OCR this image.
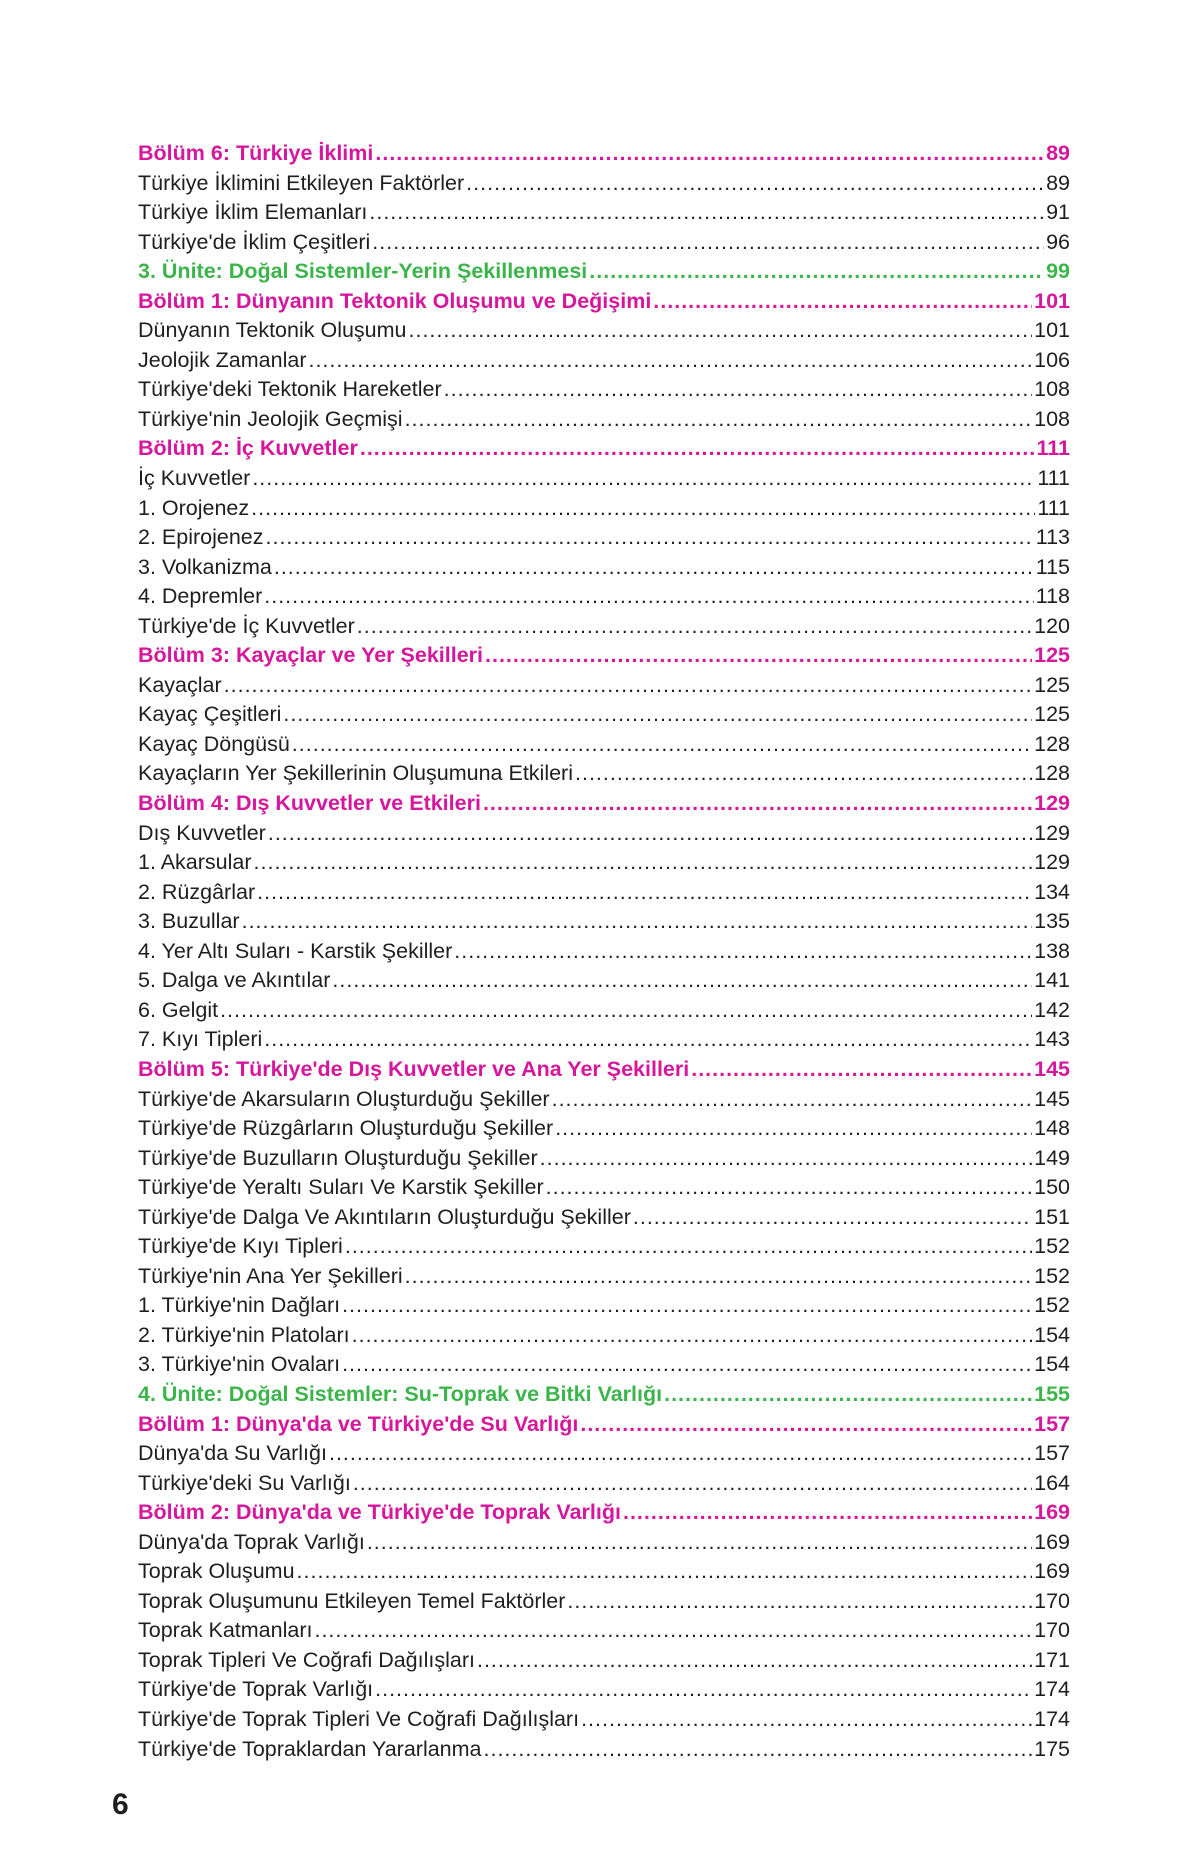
Bölüm 6: Türkiye İklimi .....	89
Türkiye İklimini Etkileyen Faktörler .....	89
Türkiye İklim Elemanları .....	91
Türkiye'de İklim Çeşitleri .....	96
3. Ünite: Doğal Sistemler-Yerin Şekillenmesi .....	99
Bölüm 1: Dünyanın Tektonik Oluşumu ve Değişimi .....	101
Dünyanın Tektonik Oluşumu .....	101
Jeolojik Zamanlar .....	106
Türkiye'deki Tektonik Hareketler .....	108
Türkiye'nin Jeolojik Geçmişi .....	108
Bölüm 2: İç Kuvvetler .....	111
İç Kuvvetler .....	111
1. Orojenez .....	111
2. Epirojenez .....	113
3. Volkanizma .....	115
4. Depremler .....	118
Türkiye'de İç Kuvvetler .....	120
Bölüm 3: Kayaçlar ve Yer Şekilleri .....	125
Kayaçlar .....	125
Kayaç Çeşitleri .....	125
Kayaç Döngüsü .....	128
Kayaçların Yer Şekillerinin Oluşumuna Etkileri .....	128
Bölüm 4: Dış Kuvvetler ve Etkileri .....	129
Dış Kuvvetler .....	129
1. Akarsular .....	129
2. Rüzgârlar .....	134
3. Buzullar .....	135
4. Yer Altı Suları - Karstik Şekiller .....	138
5. Dalga ve Akıntılar .....	141
6. Gelgit .....	142
7. Kıyı Tipleri .....	143
Bölüm 5: Türkiye'de Dış Kuvvetler ve Ana Yer Şekilleri .....	145
Türkiye'de Akarsuların Oluşturduğu Şekiller .....	145
Türkiye'de Rüzgârların Oluşturduğu Şekiller .....	148
Türkiye'de Buzulların Oluşturduğu Şekiller .....	149
Türkiye'de Yeraltı Suları Ve Karstik Şekiller .....	150
Türkiye'de Dalga Ve Akıntıların Oluşturduğu Şekiller .....	151
Türkiye'de Kıyı Tipleri .....	152
Türkiye'nin Ana Yer Şekilleri .....	152
1. Türkiye'nin Dağları .....	152
2. Türkiye'nin Platoları .....	154
3. Türkiye'nin Ovaları .....	154
4. Ünite: Doğal Sistemler: Su-Toprak ve Bitki Varlığı .....	155
Bölüm 1: Dünya'da ve Türkiye'de Su Varlığı .....	157
Dünya'da Su Varlığı .....	157
Türkiye'deki Su Varlığı .....	164
Bölüm 2: Dünya'da ve Türkiye'de Toprak Varlığı .....	169
Dünya'da Toprak Varlığı .....	169
Toprak Oluşumu .....	169
Toprak Oluşumunu Etkileyen Temel Faktörler .....	170
Toprak Katmanları .....	170
Toprak Tipleri Ve Coğrafi Dağılışları .....	171
Türkiye'de Toprak Varlığı .....	174
Türkiye'de Toprak Tipleri Ve Coğrafi Dağılışları .....	174
Türkiye'de Topraklardan Yararlanma .....	175
6
